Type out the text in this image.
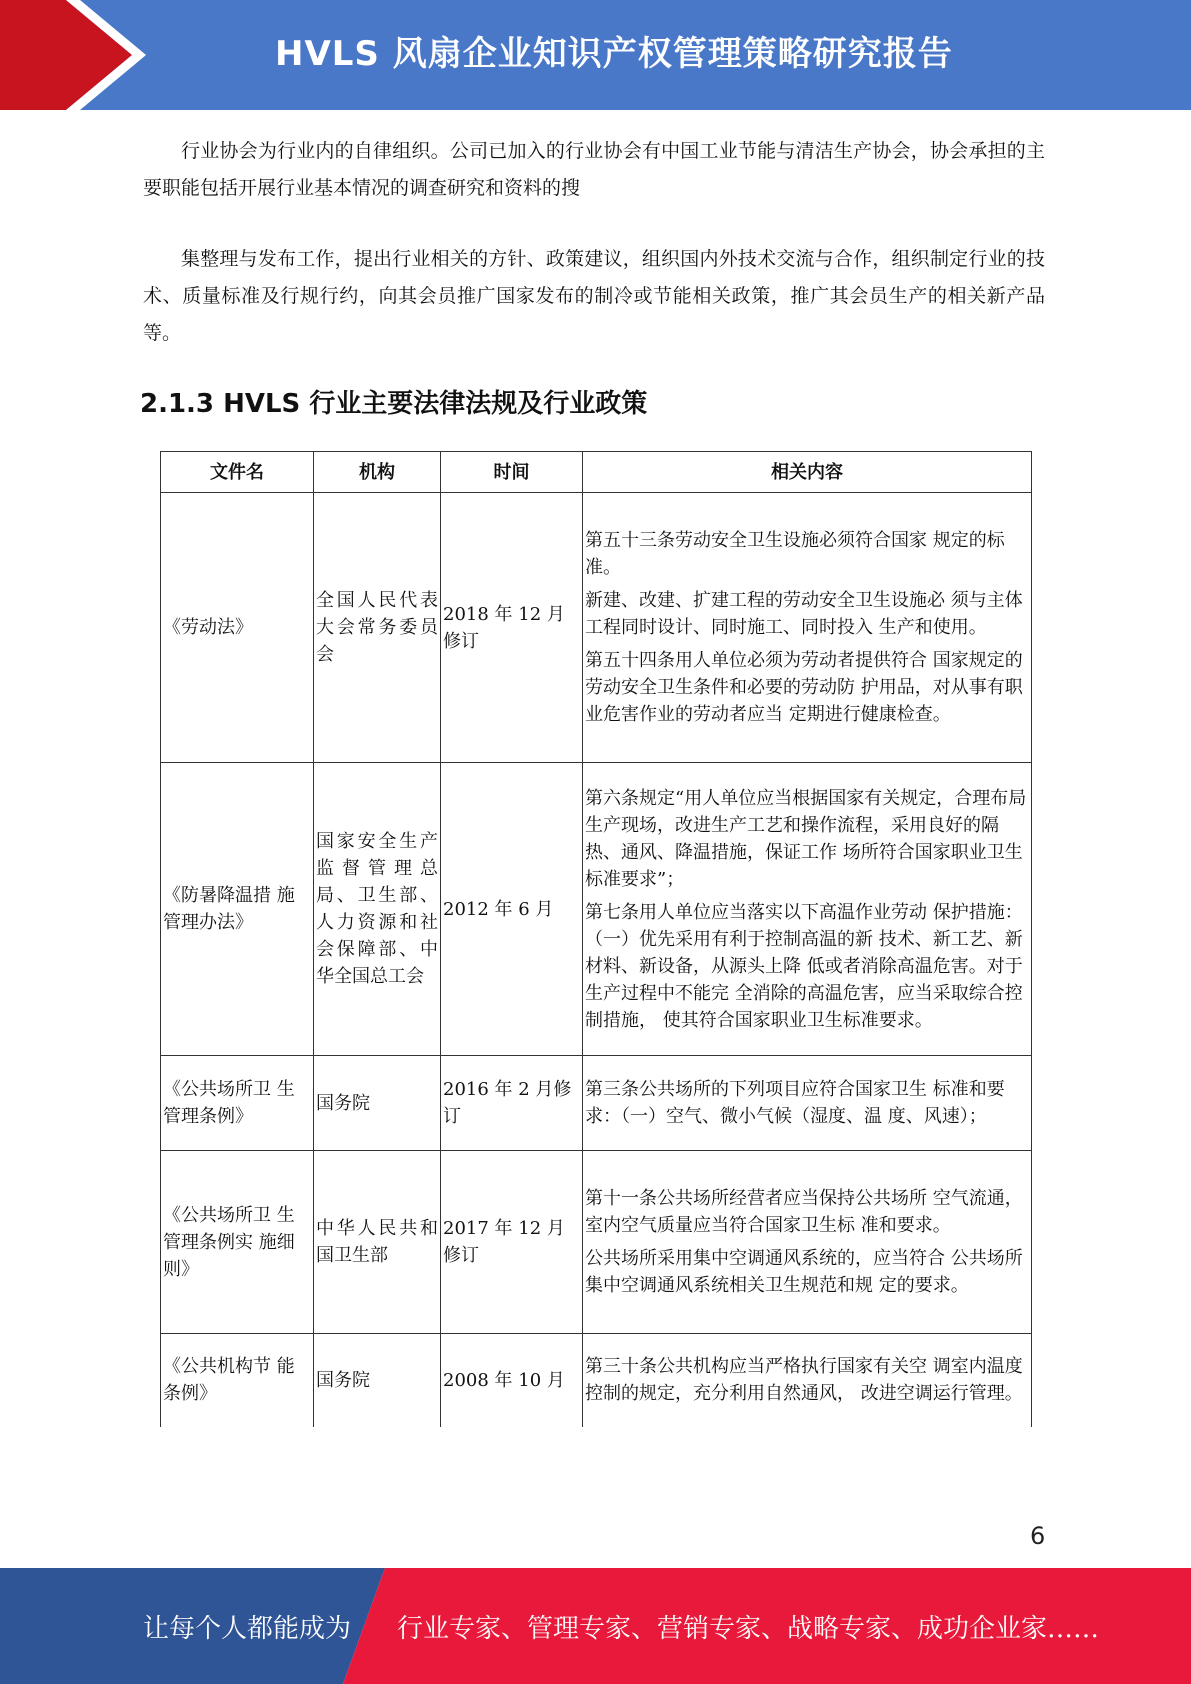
HVLS 风扇企业知识产权管理策略研究报告

行业协会为行业内的自律组织。公司已加入的行业协会有中国工业节能与清洁生产协会，协会承担的主要职能包括开展行业基本情况的调查研究和资料的搜

集整理与发布工作，提出行业相关的方针、政策建议，组织国内外技术交流与合作，组织制定行业的技术、质量标准及行规行约，向其会员推广国家发布的制冷或节能相关政策，推广其会员生产的相关新产品等。

2.1.3 HVLS 行业主要法律法规及行业政策
文件名	机构	时间	相关内容
《劳动法》	全国人民代表大会常务委员会	2018 年 12 月修订	第五十三条劳动安全卫生设施必须符合国家 规定的标准。

新建、改建、扩建工程的劳动安全卫生设施必 须与主体工程同时设计、同时施工、同时投入 生产和使用。

第五十四条用人单位必须为劳动者提供符合 国家规定的劳动安全卫生条件和必要的劳动防 护用品，对从事有职业危害作业的劳动者应当 定期进行健康检查。

《防暑降温措 施管理办法》	国家安全生产监督管理总局、卫生部、人力资源和社会保障部、中华全国总工会	2012 年 6 月	第六条规定“用人单位应当根据国家有关规定，合理布局生产现场，改进生产工艺和操作流程，采用良好的隔热、通风、降温措施，保证工作 场所符合国家职业卫生标准要求”；

第七条用人单位应当落实以下高温作业劳动 保护措施：（一）优先采用有利于控制高温的新 技术、新工艺、新材料、新设备，从源头上降 低或者消除高温危害。对于生产过程中不能完 全消除的高温危害，应当采取综合控制措施， 使其符合国家职业卫生标准要求。

《公共场所卫 生管理条例》	国务院	2016 年 2 月修订	第三条公共场所的下列项目应符合国家卫生 标准和要求：（一）空气、微小气候（湿度、温 度、风速）；

《公共场所卫 生管理条例实 施细则》	中华人民共和国卫生部	2017 年 12 月修订	第十一条公共场所经营者应当保持公共场所 空气流通，室内空气质量应当符合国家卫生标 准和要求。

公共场所采用集中空调通风系统的，应当符合 公共场所集中空调通风系统相关卫生规范和规 定的要求。

《公共机构节 能条例》	国务院	2008 年 10 月	第三十条公共机构应当严格执行国家有关空 调室内温度控制的规定，充分利用自然通风， 改进空调运行管理。

6
让每个人都能成为 行业专家、管理专家、营销专家、战略专家、成功企业家……
